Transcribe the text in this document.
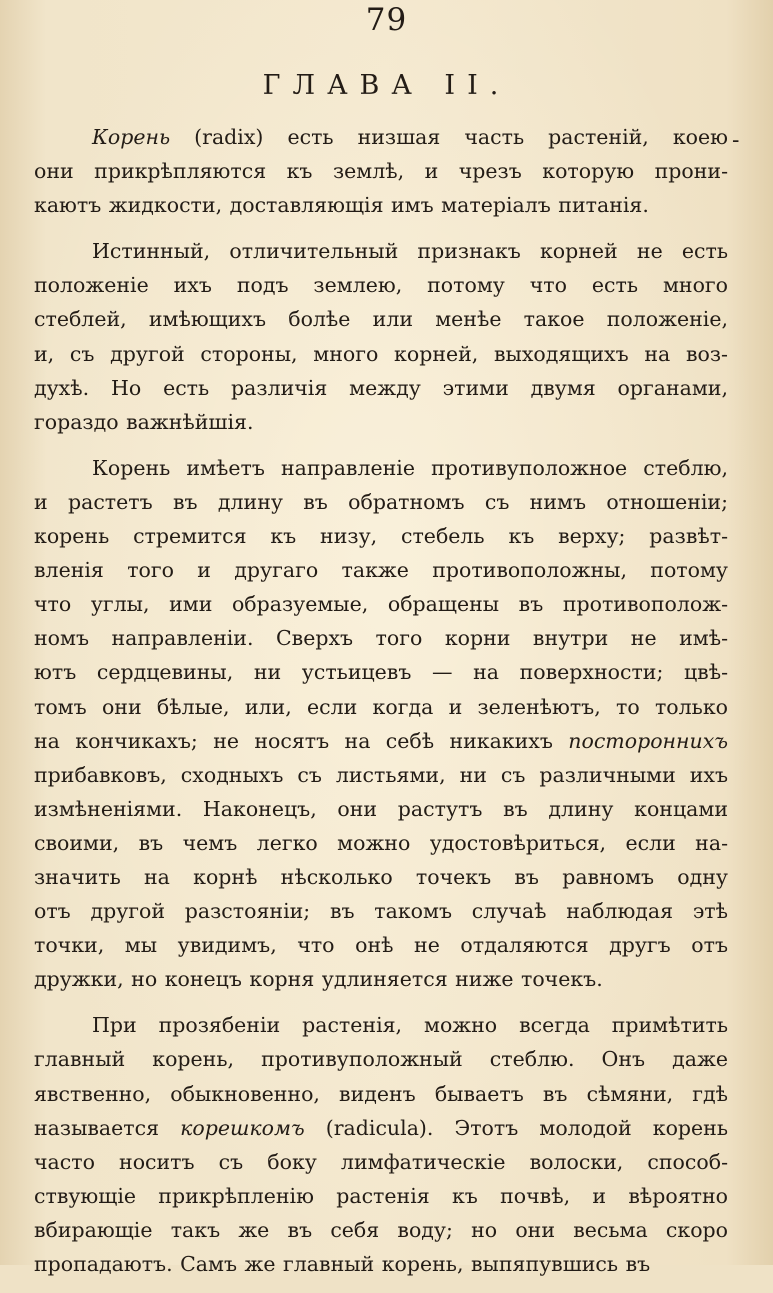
79
ГЛАВА II.
-
Корень (radix) есть низшая часть растеній, коею
они прикрѣпляются къ землѣ, и чрезъ которую прони-
каютъ жидкости, доставляющія имъ матеріалъ питанія.
Истинный, отличительный признакъ корней не есть
положеніе ихъ подъ землею, потому что есть много
стеблей, имѣющихъ болѣе или менѣе такое положеніе,
и, съ другой стороны, много корней, выходящихъ на воз-
духѣ. Но есть различія между этими двумя органами,
гораздо важнѣйшія.
Корень имѣетъ направленіе противуположное стеблю,
и растетъ въ длину въ обратномъ съ нимъ отношеніи;
корень стремится къ низу, стебель къ верху; развѣт-
вленія того и другаго также противоположны, потому
что углы, ими образуемые, обращены въ противополож-
номъ направленіи. Сверхъ того корни внутри не имѣ-
ютъ сердцевины, ни устьицевъ — на поверхности; цвѣ-
томъ они бѣлые, или, если когда и зеленѣютъ, то только
на кончикахъ; не носятъ на себѣ никакихъ постороннихъ
прибавковъ, сходныхъ съ листьями, ни съ различными ихъ
измѣненіями. Наконецъ, они растутъ въ длину концами
своими, въ чемъ легко можно удостовѣриться, если на-
значить на корнѣ нѣсколько точекъ въ равномъ одну
отъ другой разстояніи; въ такомъ случаѣ наблюдая этѣ
точки, мы увидимъ, что онѣ не отдаляются другъ отъ
дружки, но конецъ корня удлиняется ниже точекъ.
При прозябеніи растенія, можно всегда примѣтить
главный корень, противуположный стеблю. Онъ даже
явственно, обыкновенно, виденъ бываетъ въ сѣмяни, гдѣ
называется корешкомъ (radicula). Этотъ молодой корень
часто носитъ съ боку лимфатическіе волоски, способ-
ствующіе прикрѣпленію растенія къ почвѣ, и вѣроятно
вбирающіе такъ же въ себя воду; но они весьма скоро
пропадаютъ. Самъ же главный корень, выпяпувшись въ
